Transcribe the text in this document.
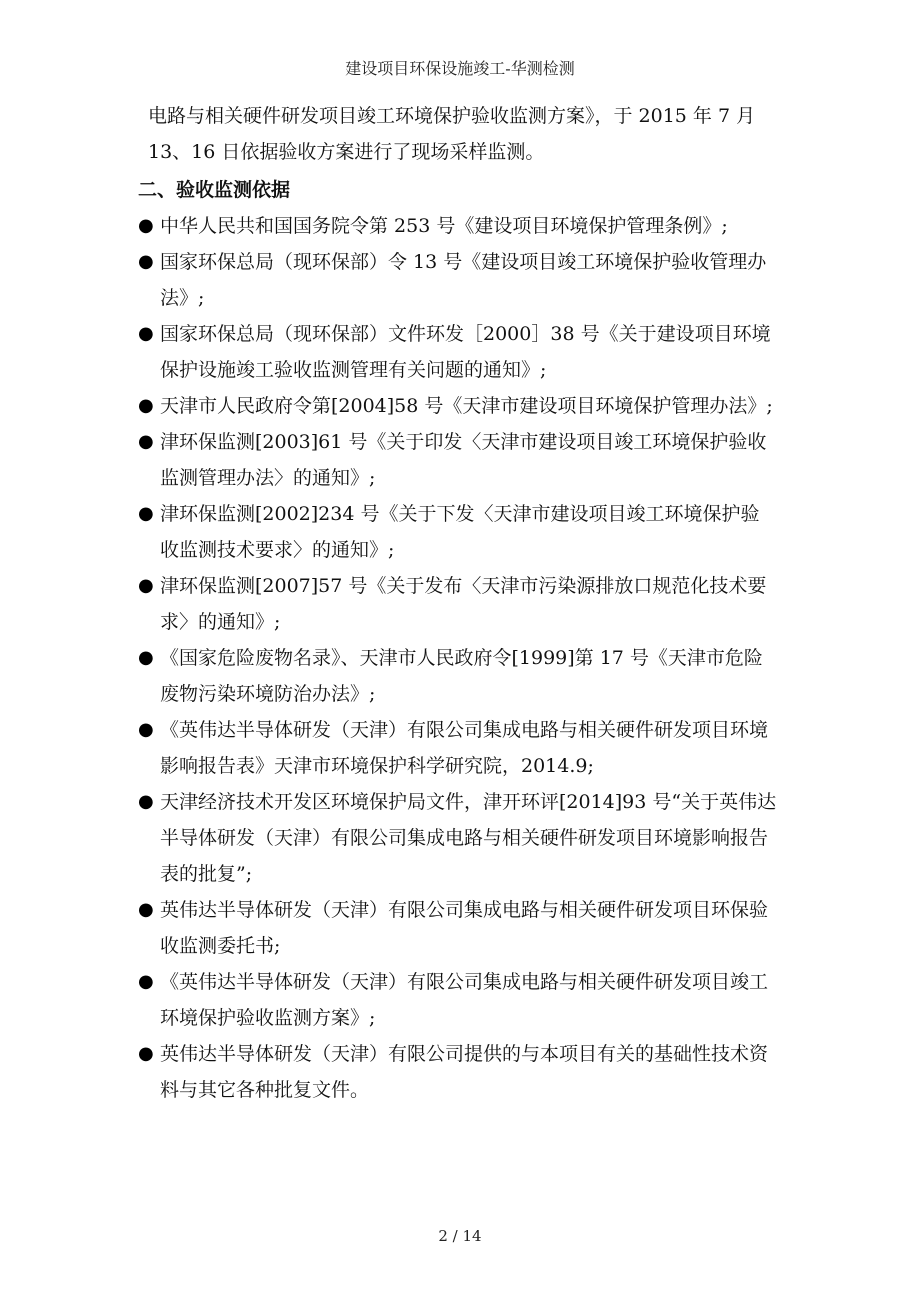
建设项目环保设施竣工-华测检测

电路与相关硬件研发项目竣工环境保护验收监测方案》，于 2015 年 7 月 13、16 日依据验收方案进行了现场采样监测。

二、验收监测依据
● 中华人民共和国国务院令第 253 号《建设项目环境保护管理条例》;
● 国家环保总局（现环保部）令 13 号《建设项目竣工环境保护验收管理办法》;
● 国家环保总局（现环保部）文件环发［2000］38 号《关于建设项目环境保护设施竣工验收监测管理有关问题的通知》;
● 天津市人民政府令第[2004]58 号《天津市建设项目环境保护管理办法》;
● 津环保监测[2003]61 号《关于印发〈天津市建设项目竣工环境保护验收监测管理办法〉的通知》;
● 津环保监测[2002]234 号《关于下发〈天津市建设项目竣工环境保护验收监测技术要求〉的通知》;
● 津环保监测[2007]57 号《关于发布〈天津市污染源排放口规范化技术要求〉的通知》;
● 《国家危险废物名录》、天津市人民政府令[1999]第 17 号《天津市危险废物污染环境防治办法》;
● 《英伟达半导体研发（天津）有限公司集成电路与相关硬件研发项目环境影响报告表》天津市环境保护科学研究院，2014.9;
● 天津经济技术开发区环境保护局文件，津开环评[2014]93 号“关于英伟达半导体研发（天津）有限公司集成电路与相关硬件研发项目环境影响报告表的批复”;
● 英伟达半导体研发（天津）有限公司集成电路与相关硬件研发项目环保验收监测委托书;
● 《英伟达半导体研发（天津）有限公司集成电路与相关硬件研发项目竣工环境保护验收监测方案》;
● 英伟达半导体研发（天津）有限公司提供的与本项目有关的基础性技术资料与其它各种批复文件。
2 / 14
